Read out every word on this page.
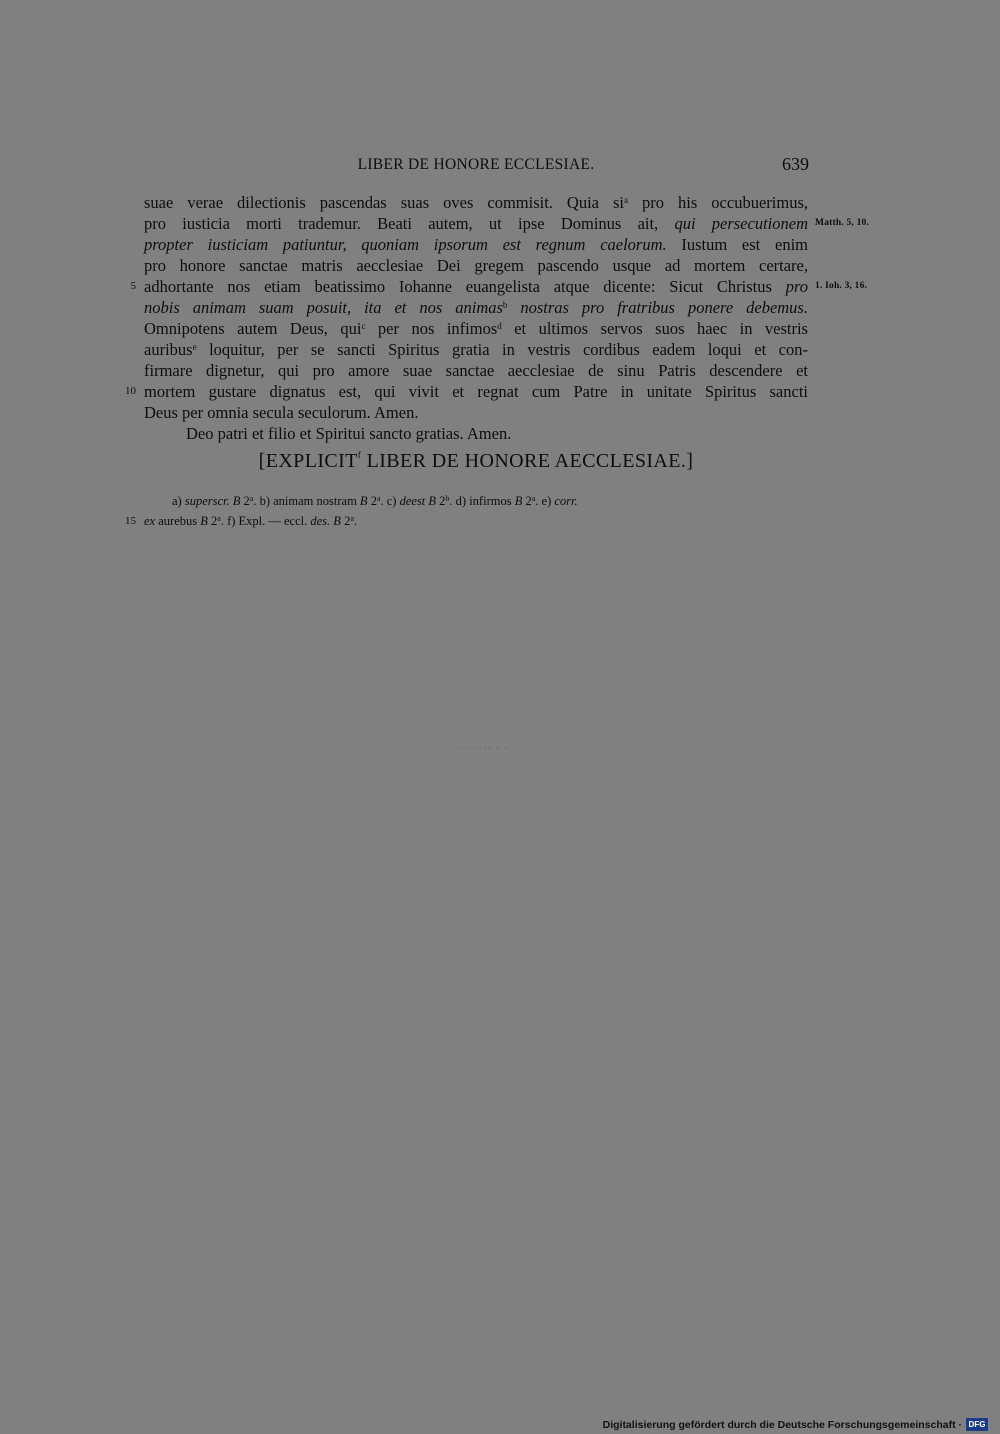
LIBER DE HONORE ECCLESIAE.	639
suae verae dilectionis pascendas suas oves commisit. Quia $si^a$ pro his occubuerimus,
pro iusticia morti trademur. Beati autem, ut ipse Dominus ait, qui persecutionem
propter iusticiam patiuntur, quoniam ipsorum est regnum caelorum. Iustum est enim
pro honore sanctae matris aecclesiae Dei gregem pascendo usque ad mortem certare,
adhortante nos etiam beatissimo Iohanne euangelista atque dicente: Sicut Christus pro
nobis animam suam posuit, ita et nos animas$^b$ nostras pro fratribus ponere debemus.
Omnipotens autem Deus, qui$^c$ per nos infimos$^d$ et ultimos servos suos haec in vestris
auribus$^e$ loquitur, per se sancti Spiritus gratia in vestris cordibus eadem loqui et con-
firmare dignetur, qui pro amore suae sanctae aecclesiae de sinu Patris descendere et
mortem gustare dignatus est, qui vivit et regnat cum Patre in unitate Spiritus sancti
Deus per omnia secula seculorum. Amen.
Deo patri et filio et Spiritui sancto gratias. Amen.
5
10
Matth. 5, 10.
1. Ioh. 3, 16.
[EXPLICIT$^f$ LIBER DE HONORE AECCLESIAE.]
a) superscr. B 2$^a$. b) animam nostram B 2$^a$. c) deest B 2$^b$. d) infirmos B 2$^a$. e) corr.
ex aurebus B 2$^a$. f) Expl. — eccl. des. B 2$^a$.
15
· · · ·· · ·
Digitalisierung gefördert durch die Deutsche Forschungsgemeinschaft · DFG
